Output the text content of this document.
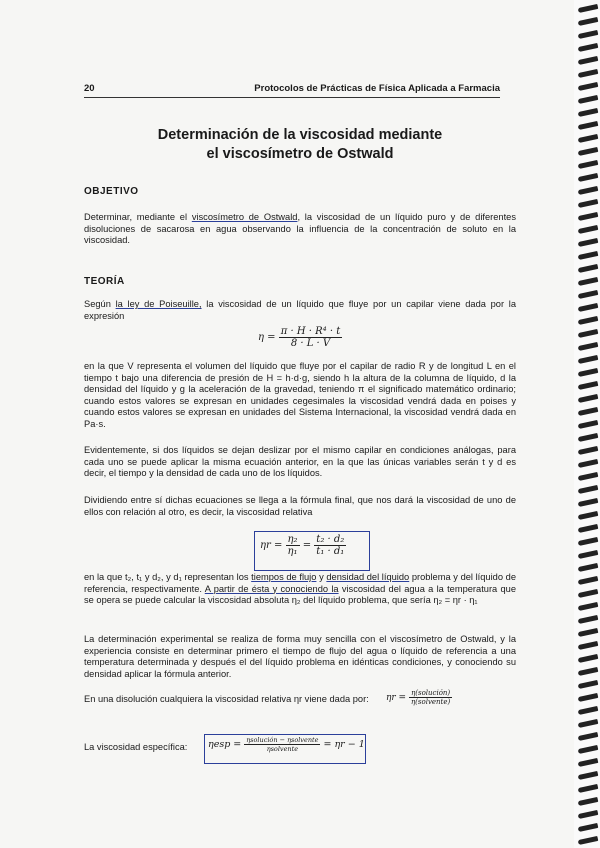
20	Protocolos de Prácticas de Física Aplicada a Farmacia
Determinación de la viscosidad mediante
el viscosímetro de Ostwald
OBJETIVO
Determinar, mediante el viscosímetro de Ostwald, la viscosidad de un líquido puro y de diferentes disoluciones de sacarosa en agua observando la influencia de la concentración de soluto en la viscosidad.
TEORÍA
Según la ley de Poiseuille, la viscosidad de un líquido que fluye por un capilar viene dada por la expresión
$\eta = \frac{\text{π · H · R⁴ · t}}{8 \cdot L \cdot V}$
en la que V representa el volumen del líquido que fluye por el capilar de radio R y de longitud L en el tiempo t bajo una diferencia de presión de H = h·d·g, siendo h la altura de la columna de líquido, d la densidad del líquido y g la aceleración de la gravedad, teniendo π el significado matemático ordinario; cuando estos valores se expresan en unidades cegesimales la viscosidad vendrá dada en poises y cuando estos valores se expresan en unidades del Sistema Internacional, la viscosidad vendrá dada en Pa·s.
Evidentemente, si dos líquidos se dejan deslizar por el mismo capilar en condiciones análogas, para cada uno se puede aplicar la misma ecuación anterior, en la que las únicas variables serán t y d es decir, el tiempo y la densidad de cada uno de los líquidos.
Dividiendo entre sí dichas ecuaciones se llega a la fórmula final, que nos dará la viscosidad de uno de ellos con relación al otro, es decir, la viscosidad relativa
$\eta r = \frac{\text{η₂}}{\text{η₁}} = \frac{\text{t₂ · d₂}}{\text{t₁ · d₁}}$
en la que t₂, t₁ y d₂, y d₁ representan los tiempos de flujo y densidad del líquido problema y del líquido de referencia, respectivamente. A partir de ésta y conociendo la viscosidad del agua a la temperatura que se opera se puede calcular la viscosidad absoluta η₂ del líquido problema, que sería η₂ = ηr · η₁
La determinación experimental se realiza de forma muy sencilla con el viscosímetro de Ostwald, y la experiencia consiste en determinar primero el tiempo de flujo del agua o líquido de referencia a una temperatura determinada y después el del líquido problema en idénticas condiciones, y conociendo su densidad aplicar la fórmula anterior.
En una disolución cualquiera la viscosidad relativa ηr viene dada por:	$\eta r = \frac{\text{η(solución)}}{\text{η(solvente)}}$
La viscosidad específica:	$\eta esp = \frac{\text{ηsolución − ηsolvente}}{\text{ηsolvente}} = \eta r - 1$
